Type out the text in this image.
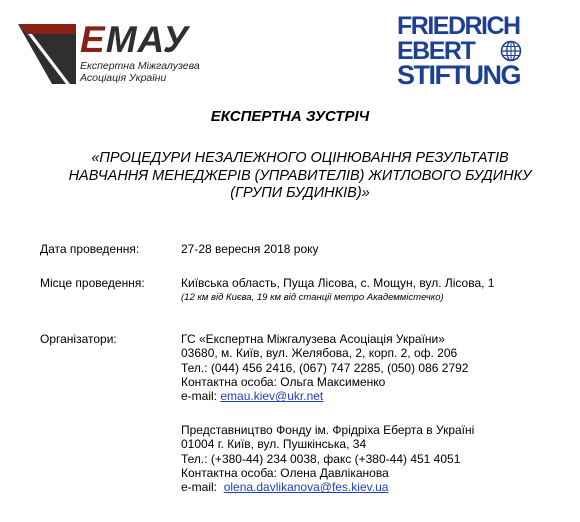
ЕМАУ
Експертна Міжгалузева
Асоціація України
FRIEDRICH
EBERT
STIFTUNG
ЕКСПЕРТНА ЗУСТРІЧ
«ПРОЦЕДУРИ НЕЗАЛЕЖНОГО ОЦІНЮВАННЯ РЕЗУЛЬТАТІВ
НАВЧАННЯ МЕНЕДЖЕРІВ (УПРАВИТЕЛІВ) ЖИТЛОВОГО БУДИНКУ
(ГРУПИ БУДИНКІВ)»
Дата проведення:	27-28 вересня 2018 року
Місце проведення:	Київська область, Пуща Лісова, с. Мощун, вул. Лісова, 1
(12 км від Києва, 19 км від станції метро Академмістечко)
Організатори:	ГС «Експертна Міжгалузева Асоціація України»
03680, м. Київ, вул. Желябова, 2, корп. 2, оф. 206
Тел.: (044) 456 2416, (067) 747 2285, (050) 086 2792
Контактна особа: Ольга Максименко
e-mail: emau.kiev@ukr.net
Представництво Фонду ім. Фрідріха Еберта в Україні
01004 г. Київ, вул. Пушкінська, 34
Тел.: (+380-44) 234 0038, факс (+380-44) 451 4051
Контактна особа: Олена Давліканова
e-mail: olena.davlikanova@fes.kiev.ua
